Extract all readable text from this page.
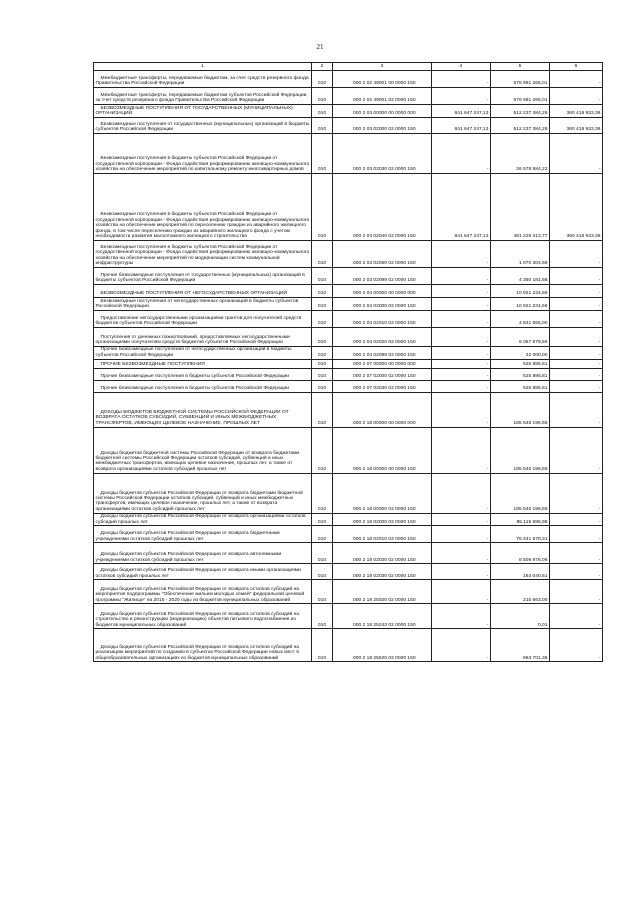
21
1	2	3	4	5	6
Межбюджетные трансферты, передаваемые бюджетам, за счет средств резервного фонда Правительства Российской Федерации	010	000 2 02 49001 00 0000 150	-	576 981 266,01	-
Межбюджетные трансферты, передаваемые бюджетам субъектов Российской Федерации, за счет средств резервного фонда Правительства Российской Федерации	010	000 2 02 49001 02 0000 150	-	576 981 266,01	-
БЕЗВОЗМЕЗДНЫЕ ПОСТУПЛЕНИЯ ОТ ГОСУДАРСТВЕННЫХ (МУНИЦИПАЛЬНЫХ) ОРГАНИЗАЦИЙ	010	000 2 03 00000 00 0000 000	841 647 247,13	512 237 384,26	360 418 933,36
Безвозмездные поступления от государственных (муниципальных) организаций в бюджеты субъектов Российской Федерации	010	000 2 03 02000 02 0000 150	841 647 247,13	512 237 384,26	360 418 933,36
Безвозмездные поступления в бюджеты субъектов Российской Федерации от государственной корпорации - Фонда содействия реформированию жилищно-коммунального хозяйства на обеспечение мероприятий по капитальному ремонту многоквартирных домов	010	000 2 03 02030 02 0000 150	-	26 578 584,22	-
Безвозмездные поступления в бюджеты субъектов Российской Федерации от государственной корпорации - Фонда содействия реформированию жилищно-коммунального хозяйства на обеспечение мероприятий по переселению граждан из аварийного жилищного фонда, в том числе переселению граждан из аварийного жилищного фонда с учетом необходимости развития малоэтажного жилищного строительства	010	000 2 03 02040 02 0000 150	841 647 247,13	481 228 313,77	360 418 933,36
Безвозмездные поступления в бюджеты субъектов Российской Федерации от государственной корпорации - Фонда содействия реформированию жилищно-коммунального хозяйства на обеспечение мероприятий по модернизации систем коммунальной инфраструктуры	010	000 2 03 02060 02 0000 150	-	1 070 304,69	-
Прочие безвозмездные поступления от государственных (муниципальных) организаций в бюджеты субъектов Российской Федерации	010	000 2 03 02099 02 0000 150	-	4 360 181,58	-
БЕЗВОЗМЕЗДНЫЕ ПОСТУПЛЕНИЯ ОТ НЕГОСУДАРСТВЕННЫХ ОРГАНИЗАЦИЙ	010	000 2 04 00000 00 0000 000	-	10 921 234,59	-
Безвозмездные поступления от негосударственных организаций в бюджеты субъектов Российской Федерации	010	000 2 04 02000 02 0000 150	-	10 921 234,59	-
Предоставление негосударственными организациями грантов для получателей средств бюджетов субъектов Российской Федерации	010	000 2 04 02010 02 0000 150	-	4 841 655,00	-
Поступления от денежных пожертвований, предоставляемых негосударственными организациями получателям средств бюджетов субъектов Российской Федерации	010	000 2 04 02020 02 0000 150	-	6 057 579,59	-
Прочие безвозмездные поступления от негосударственных организаций в бюджеты субъектов Российской Федерации	010	000 2 04 02099 02 0000 150	-	22 000,00	-
ПРОЧИЕ БЕЗВОЗМЕЗДНЫЕ ПОСТУПЛЕНИЯ	010	000 2 07 00000 00 0000 000	-	525 886,81	-
Прочие безвозмездные поступления в бюджеты субъектов Российской Федерации	010	000 2 07 02000 02 0000 150	-	525 886,81	-
Прочие безвозмездные поступления в бюджеты субъектов Российской Федерации	010	000 2 07 02030 02 0000 150	-	525 886,81	-
ДОХОДЫ БЮДЖЕТОВ БЮДЖЕТНОЙ СИСТЕМЫ РОССИЙСКОЙ ФЕДЕРАЦИИ ОТ ВОЗВРАТА ОСТАТКОВ СУБСИДИЙ, СУБВЕНЦИЙ И ИНЫХ МЕЖБЮДЖЕТНЫХ ТРАНСФЕРТОВ, ИМЕЮЩИХ ЦЕЛЕВОЕ НАЗНАЧЕНИЕ, ПРОШЛЫХ ЛЕТ	010	000 2 18 00000 00 0000 000	-	185 545 196,55	-
Доходы бюджетов бюджетной системы Российской Федерации от возврата бюджетами бюджетной системы Российской Федерации остатков субсидий, субвенций и иных межбюджетных трансфертов, имеющих целевое назначение, прошлых лет, а также от возврата организациями остатков субсидий прошлых лет	010	000 2 18 00000 00 0000 150	-	185 545 196,55	-
Доходы бюджетов субъектов Российской Федерации от возврата бюджетами бюджетной системы Российской Федерации остатков субсидий, субвенций и иных межбюджетных трансфертов, имеющих целевое назначение, прошлых лет, а также от возврата организациями остатков субсидий прошлых лет	010	000 2 18 00000 02 0000 150	-	185 545 196,55	-
Доходы бюджетов субъектов Российской Федерации от возврата организациями остатков субсидий прошлых лет	010	000 2 18 02000 02 0000 150	-	85 115 586,98	-
Доходы бюджетов субъектов Российской Федерации от возврата бюджетными учреждениями остатков субсидий прошлых лет	010	000 2 18 02010 02 0000 150	-	76 441 570,31	-
Доходы бюджетов субъектов Российской Федерации от возврата автономными учреждениями остатков субсидий прошлых лет	010	000 2 18 02020 02 0000 150	-	8 509 976,06	-
Доходы бюджетов субъектов Российской Федерации от возврата иными организациями остатков субсидий прошлых лет	010	000 2 18 02030 02 0000 150	-	164 040,61	-
Доходы бюджетов субъектов Российской Федерации от возврата остатков субсидий на мероприятия подпрограммы "Обеспечение жильем молодых семей" федеральной целевой программы "Жилище" на 2015 - 2020 годы из бюджетов муниципальных образований	010	000 2 18 25020 02 0000 150	-	215 663,00	-
Доходы бюджетов субъектов Российской Федерации от возврата остатков субсидий на строительство и реконструкцию (модернизацию) объектов питьевого водоснабжения из бюджетов муниципальных образований	010	000 2 18 25243 02 0000 150	-	0,01	-
Доходы бюджетов субъектов Российской Федерации от возврата остатков субсидий на реализацию мероприятий по созданию в субъектах Российской Федерации новых мест в общеобразовательных организациях из бюджетов муниципальных образований	010	000 2 18 25520 02 0000 150	-	963 701,36	-
